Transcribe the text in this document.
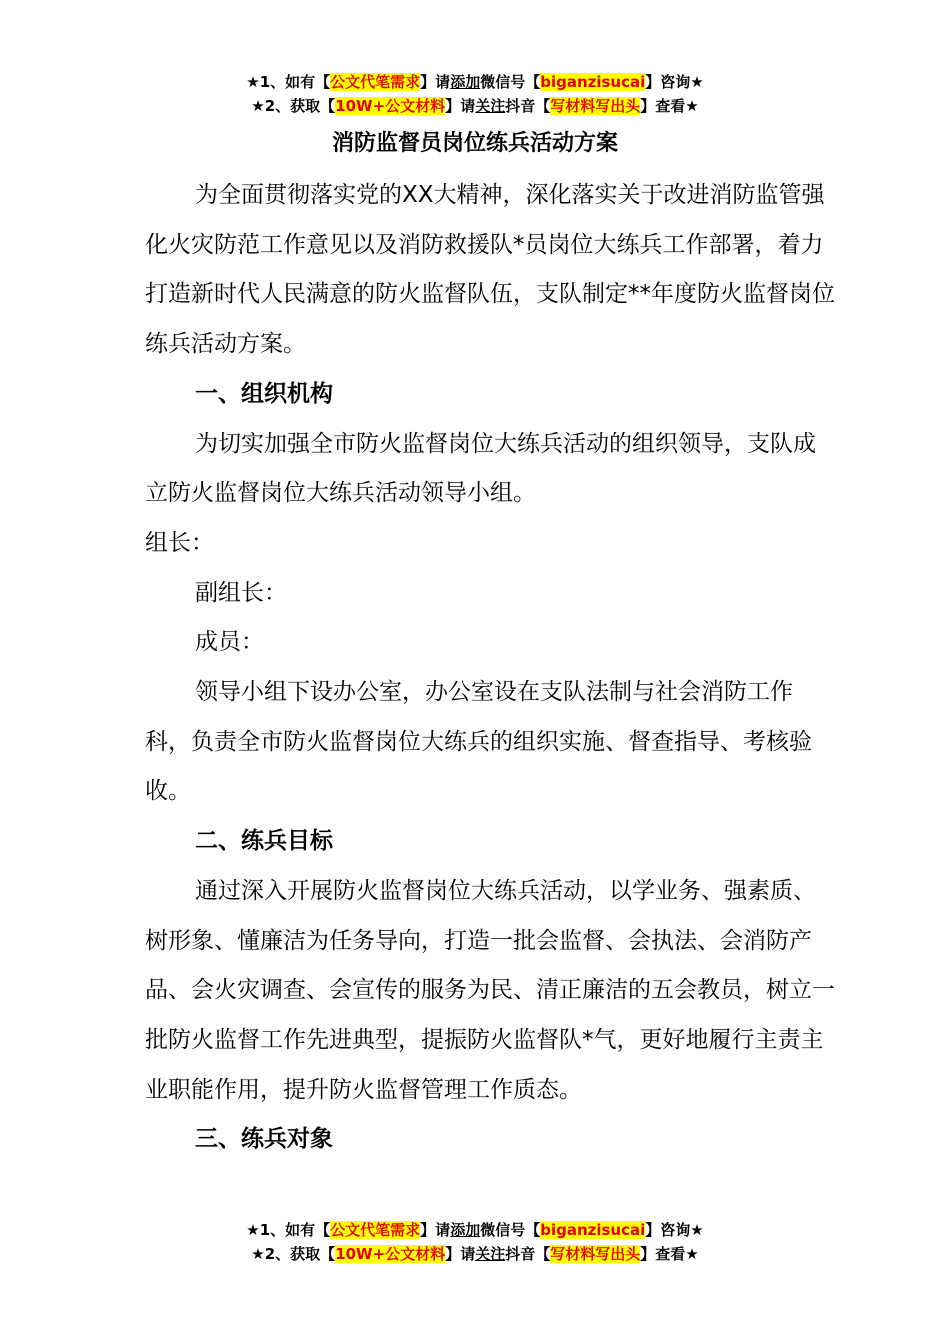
★1、如有【公文代笔需求】请添加微信号【biganzisucai】咨询★
★2、获取【10W+公文材料】请关注抖音【写材料写出头】查看★
消防监督员岗位练兵活动方案

为全面贯彻落实党的XX大精神，深化落实关于改进消防监管强化火灾防范工作意见以及消防救援队*员岗位大练兵工作部署，着力打造新时代人民满意的防火监督队伍，支队制定**年度防火监督岗位练兵活动方案。

一、组织机构

为切实加强全市防火监督岗位大练兵活动的组织领导，支队成立防火监督岗位大练兵活动领导小组。

组长：

副组长：

成员：

领导小组下设办公室，办公室设在支队法制与社会消防工作科，负责全市防火监督岗位大练兵的组织实施、督查指导、考核验收。

二、练兵目标

通过深入开展防火监督岗位大练兵活动，以学业务、强素质、树形象、懂廉洁为任务导向，打造一批会监督、会执法、会消防产品、会火灾调查、会宣传的服务为民、清正廉洁的五会教员，树立一批防火监督工作先进典型，提振防火监督队*气，更好地履行主责主业职能作用，提升防火监督管理工作质态。

三、练兵对象

★1、如有【公文代笔需求】请添加微信号【biganzisucai】咨询★
★2、获取【10W+公文材料】请关注抖音【写材料写出头】查看★
